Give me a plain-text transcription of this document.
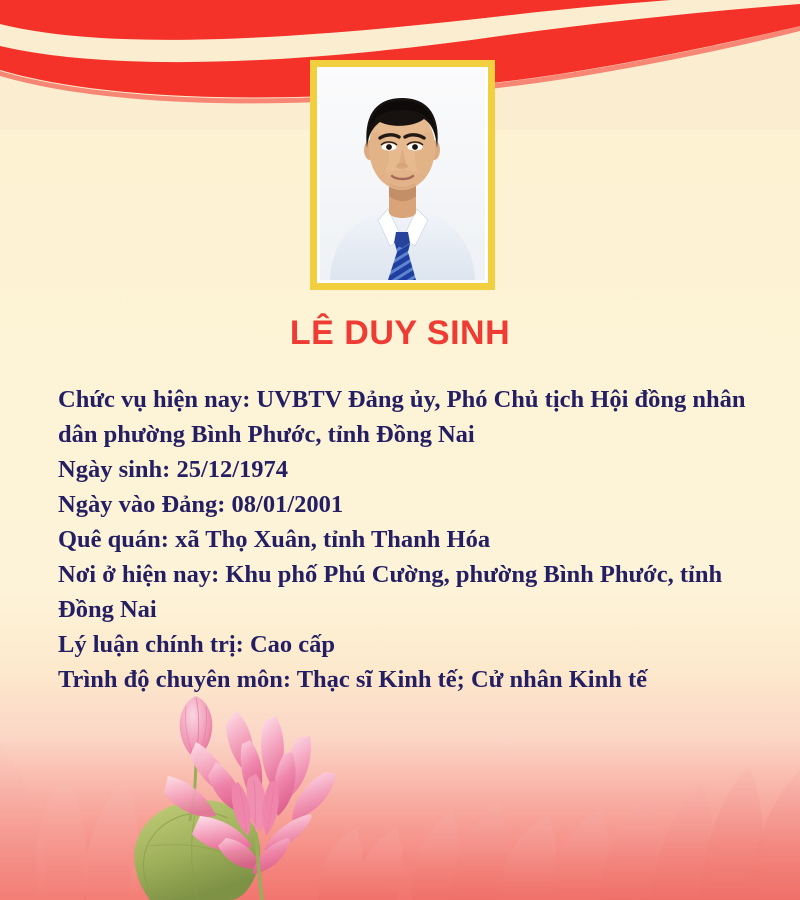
LÊ DUY SINH
Chức vụ hiện nay: UVBTV Đảng ủy, Phó Chủ tịch Hội đồng nhân dân phường Bình Phước, tỉnh Đồng Nai
Ngày sinh: 25/12/1974
Ngày vào Đảng: 08/01/2001
Quê quán: xã Thọ Xuân, tỉnh Thanh Hóa
Nơi ở hiện nay: Khu phố Phú Cường, phường Bình Phước, tỉnh Đồng Nai
Lý luận chính trị: Cao cấp
Trình độ chuyên môn: Thạc sĩ Kinh tế; Cử nhân Kinh tế
